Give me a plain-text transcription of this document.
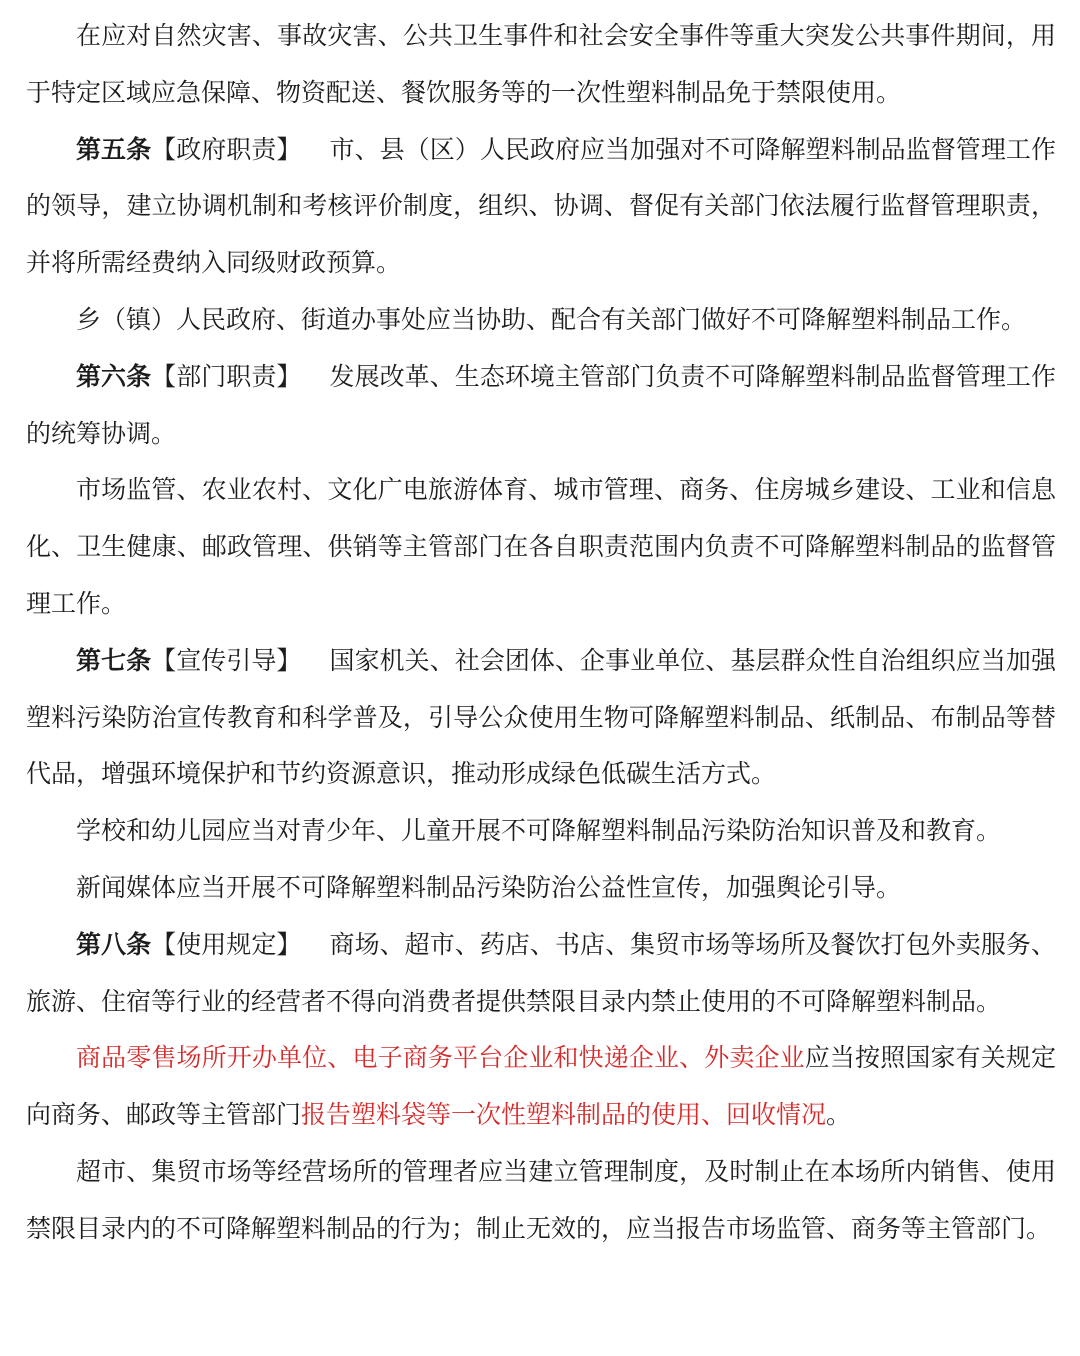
在应对自然灾害、事故灾害、公共卫生事件和社会安全事件等重大突发公共事件期间，用于特定区域应急保障、物资配送、餐饮服务等的一次性塑料制品免于禁限使用。

第五条【政府职责】 市、县（区）人民政府应当加强对不可降解塑料制品监督管理工作的领导，建立协调机制和考核评价制度，组织、协调、督促有关部门依法履行监督管理职责，并将所需经费纳入同级财政预算。

乡（镇）人民政府、街道办事处应当协助、配合有关部门做好不可降解塑料制品工作。

第六条【部门职责】 发展改革、生态环境主管部门负责不可降解塑料制品监督管理工作的统筹协调。

市场监管、农业农村、文化广电旅游体育、城市管理、商务、住房城乡建设、工业和信息化、卫生健康、邮政管理、供销等主管部门在各自职责范围内负责不可降解塑料制品的监督管理工作。

第七条【宣传引导】 国家机关、社会团体、企事业单位、基层群众性自治组织应当加强塑料污染防治宣传教育和科学普及，引导公众使用生物可降解塑料制品、纸制品、布制品等替代品，增强环境保护和节约资源意识，推动形成绿色低碳生活方式。

学校和幼儿园应当对青少年、儿童开展不可降解塑料制品污染防治知识普及和教育。

新闻媒体应当开展不可降解塑料制品污染防治公益性宣传，加强舆论引导。

第八条【使用规定】 商场、超市、药店、书店、集贸市场等场所及餐饮打包外卖服务、旅游、住宿等行业的经营者不得向消费者提供禁限目录内禁止使用的不可降解塑料制品。

商品零售场所开办单位、电子商务平台企业和快递企业、外卖企业应当按照国家有关规定向商务、邮政等主管部门报告塑料袋等一次性塑料制品的使用、回收情况。

超市、集贸市场等经营场所的管理者应当建立管理制度，及时制止在本场所内销售、使用禁限目录内的不可降解塑料制品的行为；制止无效的，应当报告市场监管、商务等主管部门。
